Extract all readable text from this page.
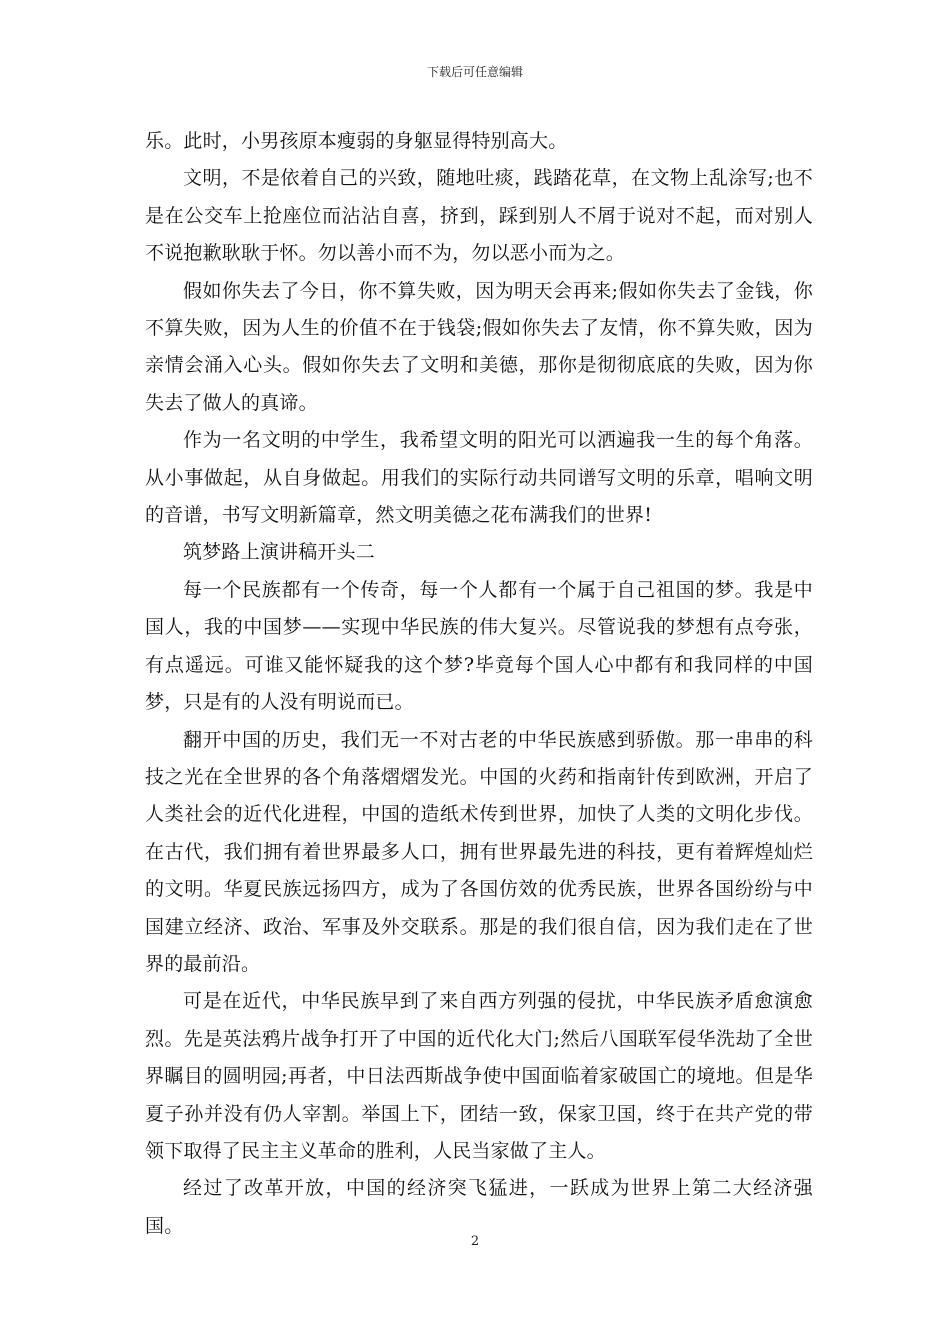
下载后可任意编辑

乐。此时，小男孩原本瘦弱的身躯显得特别高大。

文明，不是依着自己的兴致，随地吐痰，践踏花草，在文物上乱涂写;也不是在公交车上抢座位而沾沾自喜，挤到，踩到别人不屑于说对不起，而对别人不说抱歉耿耿于怀。勿以善小而不为，勿以恶小而为之。

假如你失去了今日，你不算失败，因为明天会再来;假如你失去了金钱，你不算失败，因为人生的价值不在于钱袋;假如你失去了友情，你不算失败，因为亲情会涌入心头。假如你失去了文明和美德，那你是彻彻底底的失败，因为你失去了做人的真谛。

作为一名文明的中学生，我希望文明的阳光可以洒遍我一生的每个角落。从小事做起，从自身做起。用我们的实际行动共同谱写文明的乐章，唱响文明的音谱，书写文明新篇章，然文明美德之花布满我们的世界!

筑梦路上演讲稿开头二

每一个民族都有一个传奇，每一个人都有一个属于自己祖国的梦。我是中国人，我的中国梦——实现中华民族的伟大复兴。尽管说我的梦想有点夸张，有点遥远。可谁又能怀疑我的这个梦?毕竟每个国人心中都有和我同样的中国梦，只是有的人没有明说而已。

翻开中国的历史，我们无一不对古老的中华民族感到骄傲。那一串串的科技之光在全世界的各个角落熠熠发光。中国的火药和指南针传到欧洲，开启了人类社会的近代化进程，中国的造纸术传到世界，加快了人类的文明化步伐。在古代，我们拥有着世界最多人口，拥有世界最先进的科技，更有着辉煌灿烂的文明。华夏民族远扬四方，成为了各国仿效的优秀民族，世界各国纷纷与中国建立经济、政治、军事及外交联系。那是的我们很自信，因为我们走在了世界的最前沿。

可是在近代，中华民族早到了来自西方列强的侵扰，中华民族矛盾愈演愈烈。先是英法鸦片战争打开了中国的近代化大门;然后八国联军侵华洗劫了全世界瞩目的圆明园;再者，中日法西斯战争使中国面临着家破国亡的境地。但是华夏子孙并没有仍人宰割。举国上下，团结一致，保家卫国，终于在共产党的带领下取得了民主主义革命的胜利，人民当家做了主人。

经过了改革开放，中国的经济突飞猛进，一跃成为世界上第二大经济强国。

2
